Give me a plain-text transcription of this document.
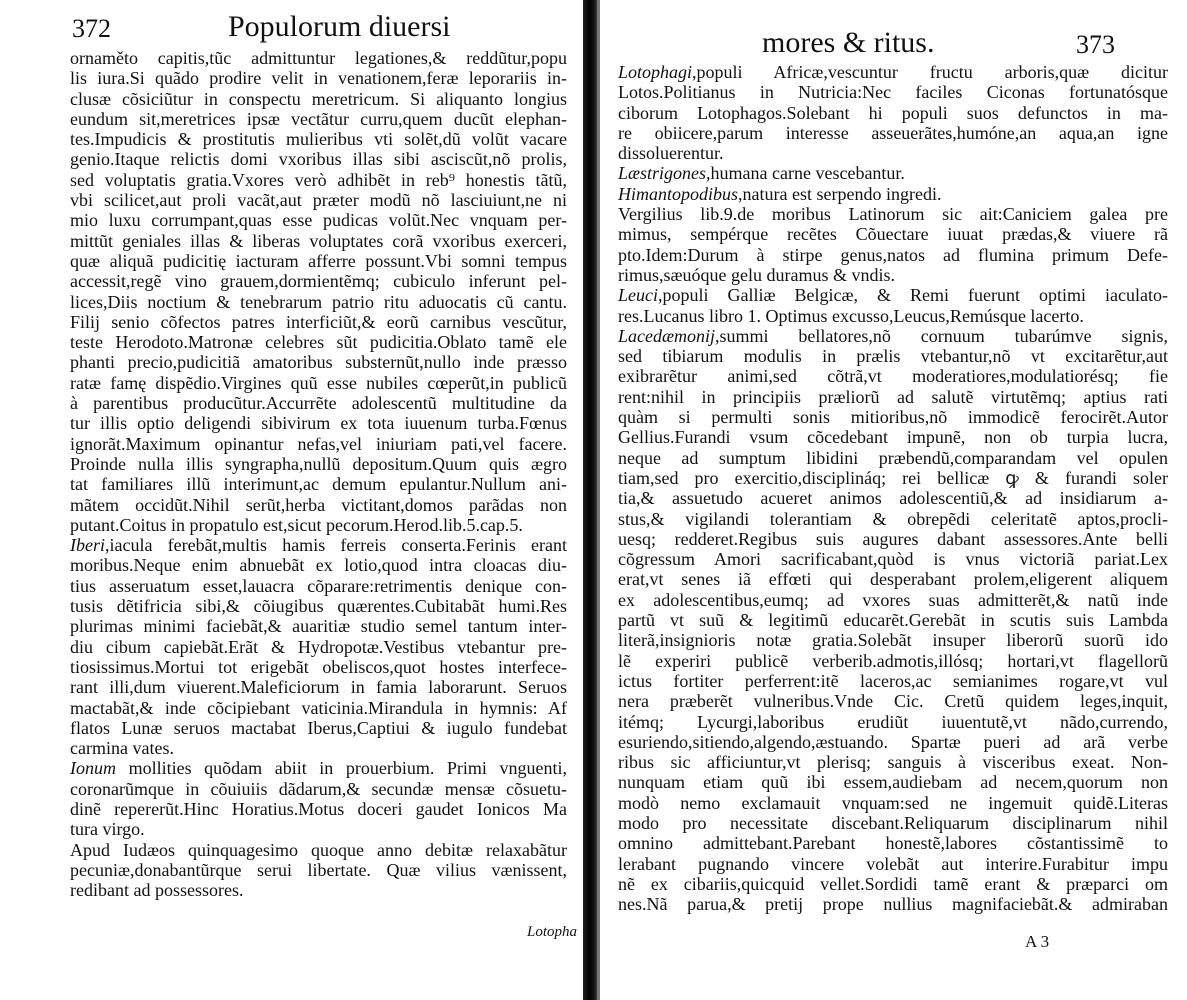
372	Populorum diuersi
ornaměto capitis,tũc admittuntur legationes,& reddũtur,popu
lis iura.Si quãdo prodire velit in venationem,feræ leporariis in-
clusæ cõsiciũtur in conspectu meretricum. Si aliquanto longius
eundum sit,meretrices ipsæ vectãtur curru,quem ducũt elephan-
tes.Impudicis & prostitutis mulieribus vti solẽt,dũ volũt vacare
genio.Itaque relictis domi vxoribus illas sibi asciscũt,nõ prolis,
sed voluptatis gratia.Vxores verò adhibẽt in reb⁹ honestis tãtũ,
vbi scilicet,aut proli vacãt,aut præter modũ nõ lasciuiunt,ne ni
mio luxu corrumpant,quas esse pudicas volũt.Nec vnquam per-
mittũt geniales illas & liberas voluptates corã vxoribus exerceri,
quæ aliquã pudicitię iacturam afferre possunt.Vbi somni tempus
accessit,regẽ vino grauem,dormientẽmq; cubiculo inferunt pel-
lices,Diis noctium & tenebrarum patrio ritu aduocatis cũ cantu.
Filij senio cõfectos patres interficiũt,& eorũ carnibus vescũtur,
teste Herodoto.Matronæ celebres sũt pudicitia.Oblato tamẽ ele
phanti precio,pudicitiã amatoribus substernũt,nullo inde præsso
ratæ famę dispẽdio.Virgines quũ esse nubiles cœperũt,in publicũ
à parentibus producũtur.Accurrẽte adolescentũ multitudine da
tur illis optio deligendi sibivirum ex tota iuuenum turba.Fœnus
ignorãt.Maximum opinantur nefas,vel iniuriam pati,vel facere.
Proinde nulla illis syngrapha,nullũ depositum.Quum quis ægro
tat familiares illũ interimunt,ac demum epulantur.Nullum ani-
mãtem occidũt.Nihil serũt,herba victitant,domos parãdas non
putant.Coitus in propatulo est,sicut pecorum.Herod.lib.5.cap.5.
Iberi,iacula ferebãt,multis hamis ferreis conserta.Ferinis erant
moribus.Neque enim abnuebãt ex lotio,quod intra cloacas diu-
tius asseruatum esset,lauacra cõparare:retrimentis denique con-
tusis dẽtifricia sibi,& cõiugibus quærentes.Cubitabãt humi.Res
plurimas minimi faciebãt,& auaritiæ studio semel tantum inter-
diu cibum capiebãt.Erãt & Hydropotæ.Vestibus vtebantur pre-
tiosissimus.Mortui tot erigebãt obeliscos,quot hostes interfece-
rant illi,dum viuerent.Maleficiorum in famia laborarunt. Seruos
mactabãt,& inde cõcipiebant vaticinia.Mirandula in hymnis: Af
flatos Lunæ seruos mactabat Iberus,Captiui & iugulo fundebat
carmina vates.
Ionum mollities quõdam abiit in prouerbium. Primi vnguenti,
coronarũmque in cõuiuiis dãdarum,& secundæ mensæ cõsuetu-
dinẽ repererũt.Hinc Horatius.Motus doceri gaudet Ionicos Ma
tura virgo.
Apud Iudæos quinquagesimo quoque anno debitæ relaxabãtur
pecuniæ,donabantũrque serui libertate. Quæ vilius vænissent,
redibant ad possessores.
Lotopha
mores & ritus.	373
Lotophagi,populi Africæ,vescuntur fructu arboris,quæ dicitur
Lotos.Politianus in Nutricia:Nec faciles Ciconas fortunatósque
ciborum Lotophagos.Solebant hi populi suos defunctos in ma-
re obiicere,parum interesse asseuerãtes,humóne,an aqua,an igne
dissoluerentur.
Læstrigones,humana carne vescebantur.
Himantopodibus,natura est serpendo ingredi.
Vergilius lib.9.de moribus Latinorum sic ait:Caniciem galea pre
mimus, sempérque recẽtes Cõuectare iuuat prædas,& viuere rã
pto.Idem:Durum à stirpe genus,natos ad flumina primum Defe-
rimus,sæuóque gelu duramus & vndis.
Leuci,populi Galliæ Belgicæ, & Remi fuerunt optimi iaculato-
res.Lucanus libro 1. Optimus excusso,Leucus,Remúsque lacerto.
Lacedæmonij,summi bellatores,nõ cornuum tubarúmve signis,
sed tibiarum modulis in prælis vtebantur,nõ vt excitarẽtur,aut
exibrarẽtur animi,sed cõtrã,vt moderatiores,modulatiorésq; fie
rent:nihil in principiis præliorũ ad salutẽ virtutẽmq; aptius rati
quàm si permulti sonis mitioribus,nõ immodicẽ ferocirẽt.Autor
Gellius.Furandi vsum cõcedebant impunẽ, non ob turpia lucra,
neque ad sumptum libidini præbendũ,comparandam vel opulen
tiam,sed pro exercitio,disciplináq; rei bellicæ ꝙ & furandi soler
tia,& assuetudo acueret animos adolescentiũ,& ad insidiarum a-
stus,& vigilandi tolerantiam & obrepẽdi celeritatẽ aptos,procli-
uesq; redderet.Regibus suis augures dabant assessores.Ante belli
cõgressum Amori sacrificabant,quòd is vnus victoriã pariat.Lex
erat,vt senes iã effœti qui desperabant prolem,eligerent aliquem
ex adolescentibus,eumq; ad vxores suas admitterẽt,& natũ inde
partũ vt suũ & legitimũ educarẽt.Gerebãt in scutis suis Lambda
literã,insignioris notæ gratia.Solebãt insuper liberorũ suorũ ido
lẽ experiri publicẽ verberib.admotis,illósq; hortari,vt flagellorũ
ictus fortiter perferrent:itẽ laceros,ac semianimes rogare,vt vul
nera præberẽt vulneribus.Vnde Cic. Cretũ quidem leges,inquit,
itémq; Lycurgi,laboribus erudiũt iuuentutẽ,vt nãdo,currendo,
esuriendo,sitiendo,algendo,æstuando. Spartæ pueri ad arã verbe
ribus sic afficiuntur,vt plerisq; sanguis à visceribus exeat. Non-
nunquam etiam quũ ibi essem,audiebam ad necem,quorum non
modò nemo exclamauit vnquam:sed ne ingemuit quidẽ.Literas
modo pro necessitate discebant.Reliquarum disciplinarum nihil
omnino admittebant.Parebant honestẽ,labores cõstantissimẽ to
lerabant pugnando vincere volebãt aut interire.Furabitur impu
nẽ ex cibariis,quicquid vellet.Sordidi tamẽ erant & præparci om
nes.Nã parua,& pretij prope nullius magnifaciebãt.& admiraban
A 3
